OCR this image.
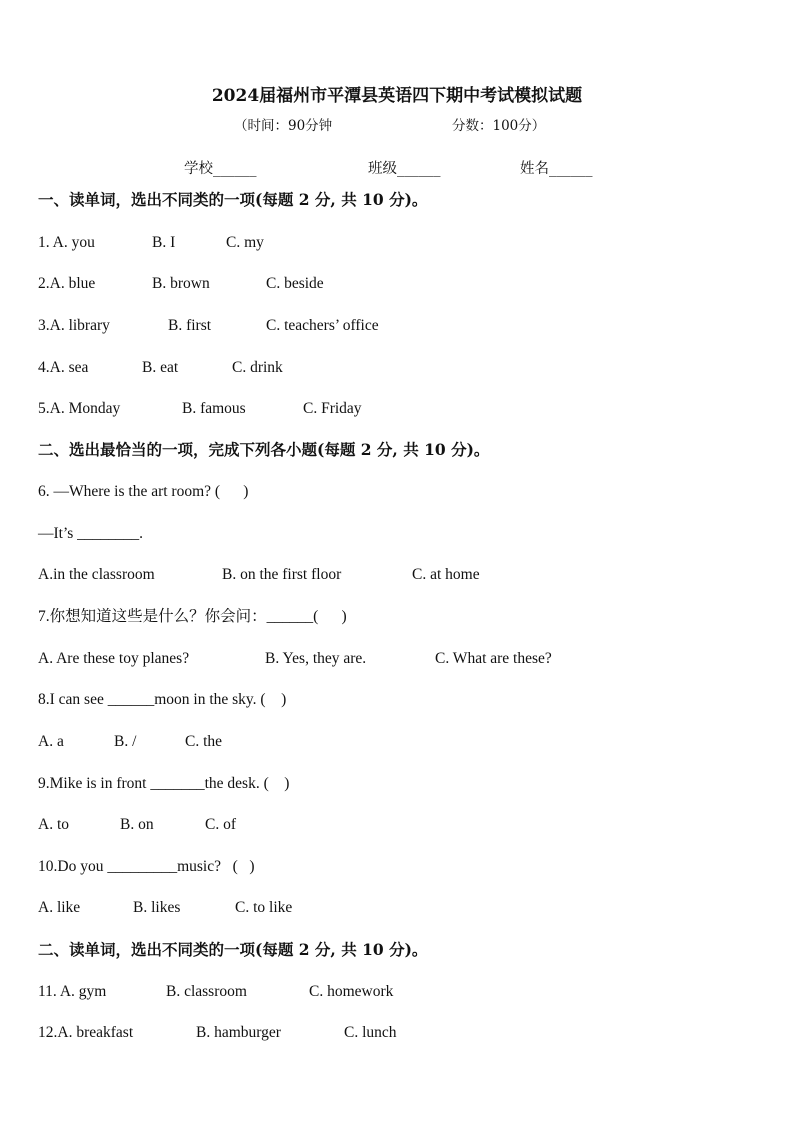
2024届福州市平潭县英语四下期中考试模拟试题
（时间：90分钟	分数：100分）
学校______	班级______	姓名______
一、读单词，选出不同类的一项(每题 2 分, 共 10 分)。
1. A. you	B. I	C. my
2.A. blue	B. brown	C. beside
3.A. library	B. first	C. teachers’ office
4.A. sea	B. eat	C. drink
5.A. Monday	B. famous	C. Friday
二、选出最恰当的一项，完成下列各小题(每题 2 分, 共 10 分)。
6. —Where is the art room? (      )
—It’s ________.
A.in the classroom	B. on the first floor	C. at home
7.你想知道这些是什么？你会问：______(      )
A. Are these toy planes?	B. Yes, they are.	C. What are these?
8.I can see ______moon in the sky. (    )
A. a	B. /	C. the
9.Mike is in front _______the desk. (    )
A. to	B. on	C. of
10.Do you _________music?   (   )
A. like	B. likes	C. to like
二、读单词，选出不同类的一项(每题 2 分, 共 10 分)。
11. A. gym	B. classroom	C. homework
12.A. breakfast	B. hamburger	C. lunch
